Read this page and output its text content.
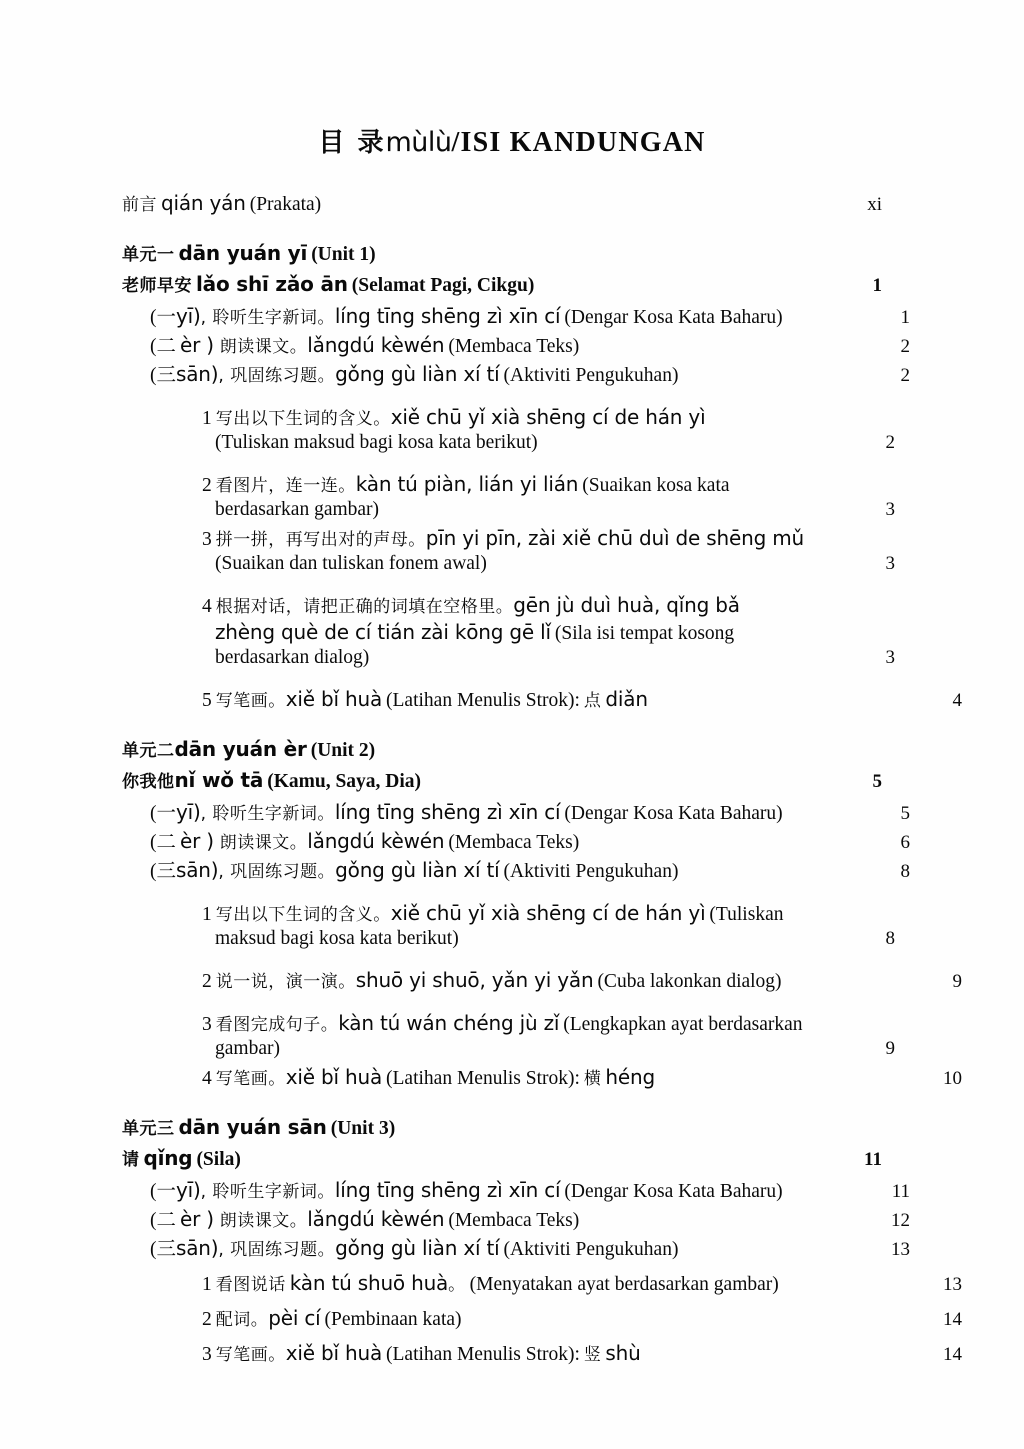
目 录mùlù/ISI KANDUNGAN
前言 qián yán (Prakata)	xi
单元一 dān yuán yī (Unit 1)
老师早安 lǎo shī zǎo ān (Selamat Pagi, Cikgu)	1
(一yī), 聆听生字新词。líng tīng shēng zì xīn cí (Dengar Kosa Kata Baharu)	1
(二 èr ) 朗读课文。lǎngdú kèwén (Membaca Teks)	2
(三sān), 巩固练习题。gǒng gù liàn xí tí (Aktiviti Pengukuhan)	2
1 写出以下生词的含义。xiě chū yǐ xià shēng cí de hán yì
(Tuliskan maksud bagi kosa kata berikut)	2
2 看图片，连一连。kàn tú piàn, lián yi lián (Suaikan kosa kata
berdasarkan gambar)	3
3 拼一拼，再写出对的声母。pīn yi pīn, zài xiě chū duì de shēng mǔ
(Suaikan dan tuliskan fonem awal)	3
4 根据对话，请把正确的词填在空格里。gēn jù duì huà, qǐng bǎ
zhèng què de cí tián zài kōng gē lǐ (Sila isi tempat kosong
berdasarkan dialog)	3
5 写笔画。xiě bǐ huà (Latihan Menulis Strok): 点 diǎn	4
单元二dān yuán èr (Unit 2)
你我他nǐ wǒ tā (Kamu, Saya, Dia)	5
(一yī), 聆听生字新词。líng tīng shēng zì xīn cí (Dengar Kosa Kata Baharu)	5
(二 èr ) 朗读课文。lǎngdú kèwén (Membaca Teks)	6
(三sān), 巩固练习题。gǒng gù liàn xí tí (Aktiviti Pengukuhan)	8
1 写出以下生词的含义。xiě chū yǐ xià shēng cí de hán yì (Tuliskan
maksud bagi kosa kata berikut)	8
2 说一说，演一演。shuō yi shuō, yǎn yi yǎn (Cuba lakonkan dialog)	9
3 看图完成句子。kàn tú wán chéng jù zǐ (Lengkapkan ayat berdasarkan
gambar)	9
4 写笔画。xiě bǐ huà (Latihan Menulis Strok): 横 héng	10
单元三 dān yuán sān (Unit 3)
请 qǐng (Sila)	11
(一yī), 聆听生字新词。líng tīng shēng zì xīn cí (Dengar Kosa Kata Baharu)	11
(二 èr ) 朗读课文。lǎngdú kèwén (Membaca Teks)	12
(三sān), 巩固练习题。gǒng gù liàn xí tí (Aktiviti Pengukuhan)	13
1 看图说话 kàn tú shuō huà。 (Menyatakan ayat berdasarkan gambar)	13
2 配词。pèi cí (Pembinaan kata)	14
3 写笔画。xiě bǐ huà (Latihan Menulis Strok): 竖 shù	14
